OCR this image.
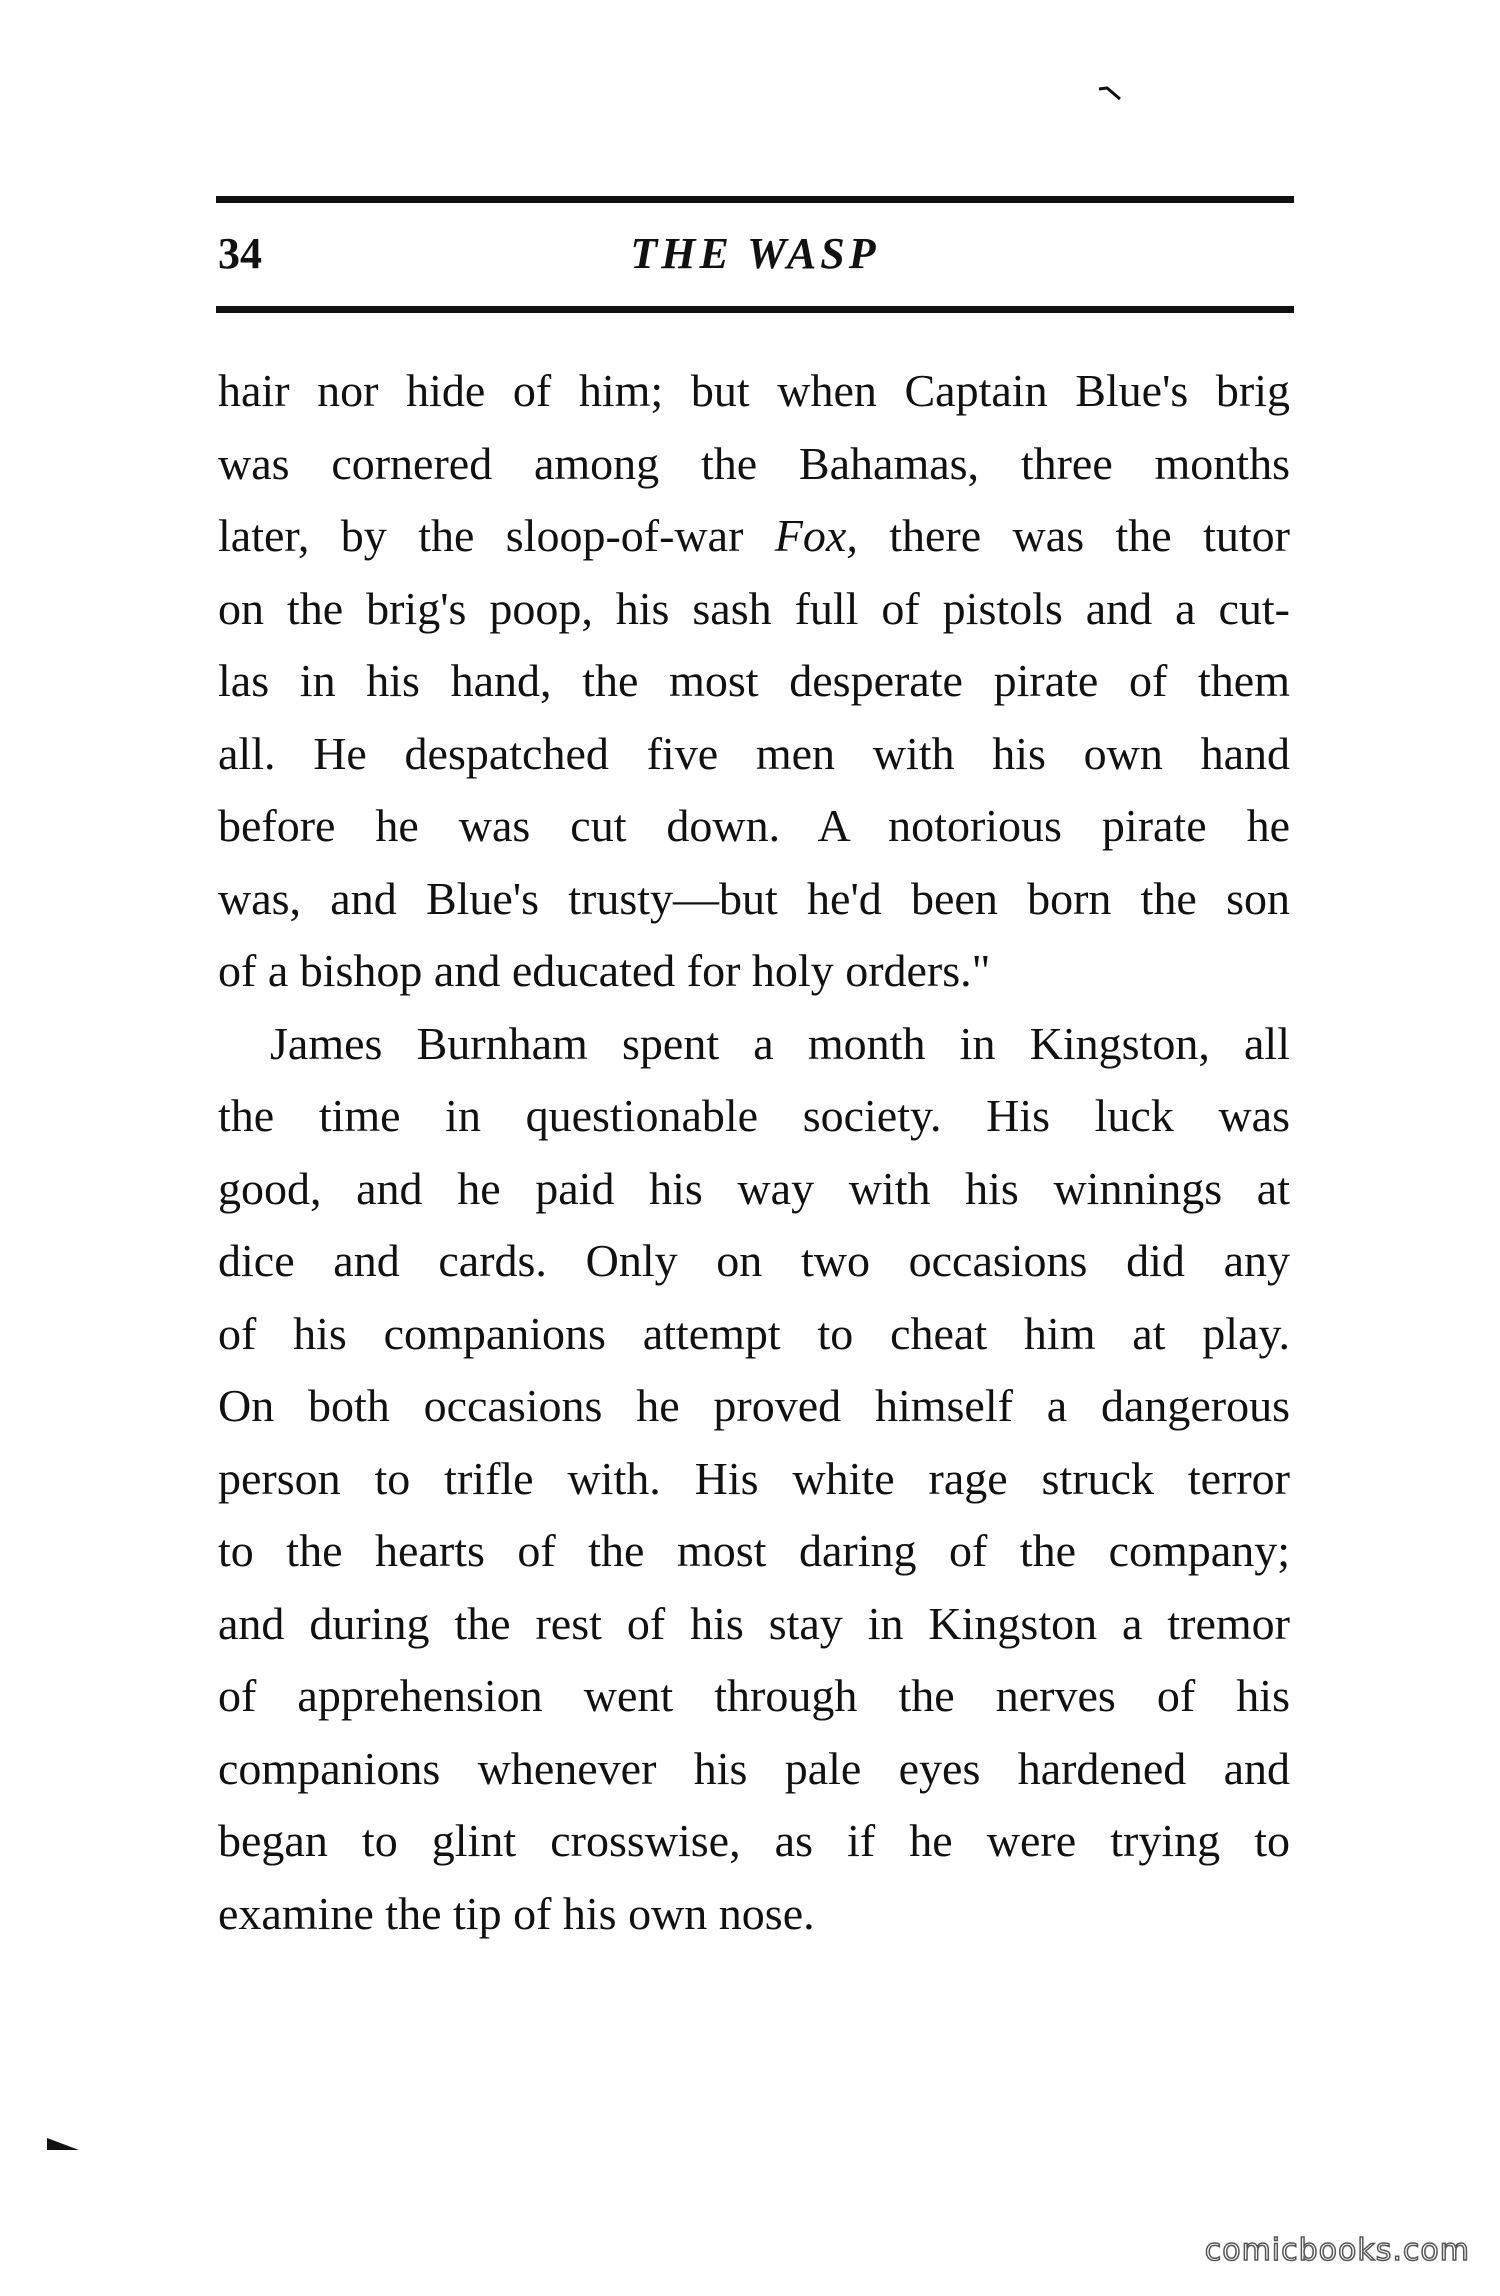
34	THE WASP
hair nor hide of him; but when Captain Blue's brig
was cornered among the Bahamas, three months
later, by the sloop-of-war Fox, there was the tutor
on the brig's poop, his sash full of pistols and a cut-
las in his hand, the most desperate pirate of them
all. He despatched five men with his own hand
before he was cut down. A notorious pirate he
was, and Blue's trusty—but he'd been born the son
of a bishop and educated for holy orders."
James Burnham spent a month in Kingston, all
the time in questionable society. His luck was
good, and he paid his way with his winnings at
dice and cards. Only on two occasions did any
of his companions attempt to cheat him at play.
On both occasions he proved himself a dangerous
person to trifle with. His white rage struck terror
to the hearts of the most daring of the company;
and during the rest of his stay in Kingston a tremor
of apprehension went through the nerves of his
companions whenever his pale eyes hardened and
began to glint crosswise, as if he were trying to
examine the tip of his own nose.
comicbooks.com
